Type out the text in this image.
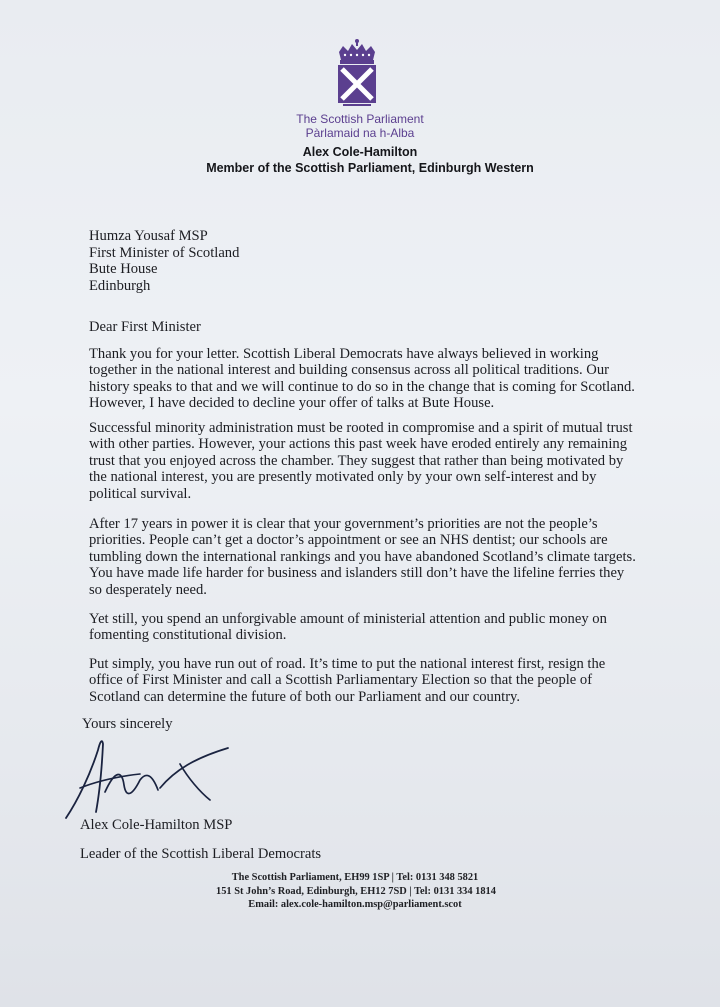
The Scottish Parliament
Pàrlamaid na h-Alba
Alex Cole-Hamilton
Member of the Scottish Parliament, Edinburgh Western
Humza Yousaf MSP
First Minister of Scotland
Bute House
Edinburgh
Dear First Minister
Thank you for your letter. Scottish Liberal Democrats have always believed in working
together in the national interest and building consensus across all political traditions. Our
history speaks to that and we will continue to do so in the change that is coming for Scotland.
However, I have decided to decline your offer of talks at Bute House.
Successful minority administration must be rooted in compromise and a spirit of mutual trust
with other parties. However, your actions this past week have eroded entirely any remaining
trust that you enjoyed across the chamber. They suggest that rather than being motivated by
the national interest, you are presently motivated only by your own self-interest and by
political survival.
After 17 years in power it is clear that your government’s priorities are not the people’s
priorities. People can’t get a doctor’s appointment or see an NHS dentist; our schools are
tumbling down the international rankings and you have abandoned Scotland’s climate targets.
You have made life harder for business and islanders still don’t have the lifeline ferries they
so desperately need.
Yet still, you spend an unforgivable amount of ministerial attention and public money on
fomenting constitutional division.
Put simply, you have run out of road. It’s time to put the national interest first, resign the
office of First Minister and call a Scottish Parliamentary Election so that the people of
Scotland can determine the future of both our Parliament and our country.
Yours sincerely
Alex Cole-Hamilton MSP
Leader of the Scottish Liberal Democrats
The Scottish Parliament, EH99 1SP | Tel: 0131 348 5821
151 St John’s Road, Edinburgh, EH12 7SD | Tel: 0131 334 1814
Email: alex.cole-hamilton.msp@parliament.scot
